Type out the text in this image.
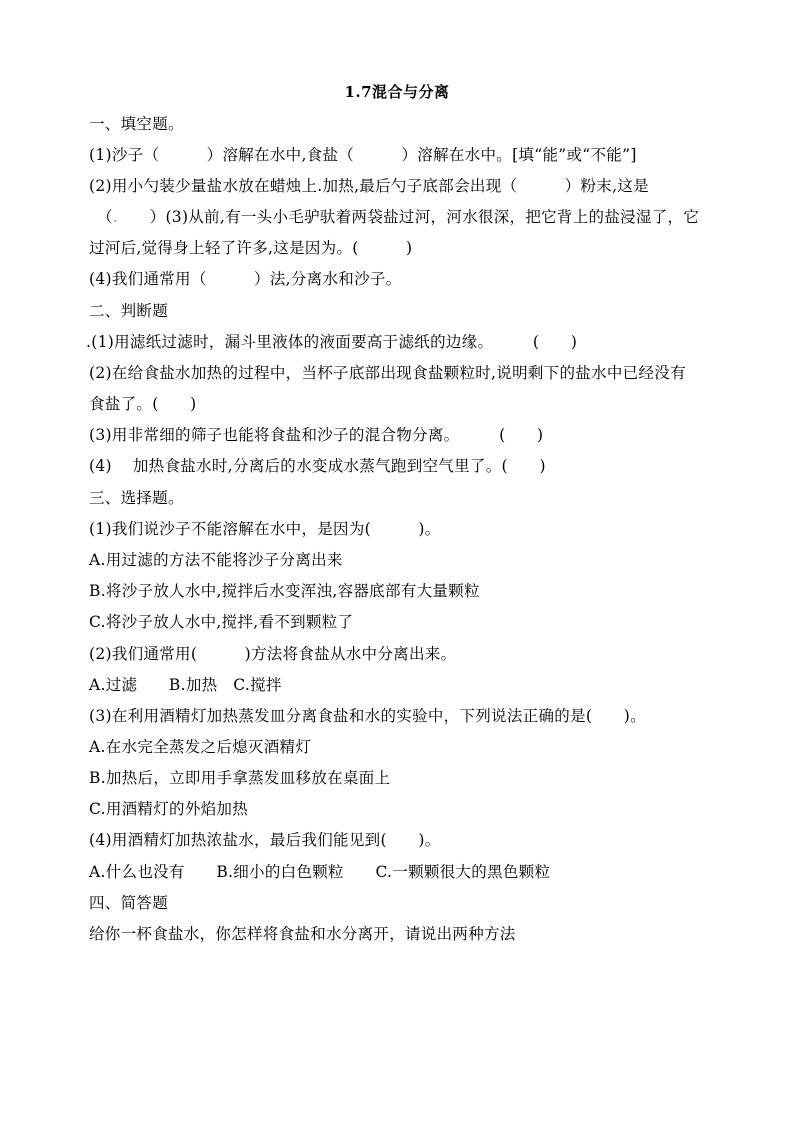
1.7混合与分离
一、填空题。
(1)沙子（　　　）溶解在水中,食盐（　　　）溶解在水中。[填“能”或“不能”]
(2)用小勺装少量盐水放在蜡烛上.加热,最后勺子底部会出现（　　　）粉末,这是
（.　　）(3)从前,有一头小毛驴驮着两袋盐过河，河水很深，把它背上的盐浸湿了，它
过河后,觉得身上轻了许多,这是因为。(　　　)
(4)我们通常用（　　　）法,分离水和沙子。
二、判断题
.(1)用滤纸过滤时，漏斗里液体的液面要高于滤纸的边缘。　　　(　　)
(2)在给食盐水加热的过程中，当杯子底部出现食盐颗粒时,说明剩下的盐水中已经没有
食盐了。(　　)
(3)用非常细的筛子也能将食盐和沙子的混合物分离。　　　(　　)
(4)　 加热食盐水时,分离后的水变成水蒸气跑到空气里了。(　　)
三、选择题。
(1)我们说沙子不能溶解在水中，是因为(　　　)。
A.用过滤的方法不能将沙子分离出来
B.将沙子放人水中,搅拌后水变浑浊,容器底部有大量颗粒
C.将沙子放人水中,搅拌,看不到颗粒了
(2)我们通常用(　　　)方法将食盐从水中分离出来。
A.过滤　　B.加热　C.搅拌
(3)在利用酒精灯加热蒸发皿分离食盐和水的实验中，下列说法正确的是(　　)。
A.在水完全蒸发之后熄灭酒精灯
B.加热后，立即用手拿蒸发皿移放在桌面上
C.用酒精灯的外焰加热
(4)用酒精灯加热浓盐水，最后我们能见到(　　)。
A.什么也没有　　B.细小的白色颗粒　　C.一颗颗很大的黑色颗粒
四、简答题
给你一杯食盐水，你怎样将食盐和水分离开，请说出两种方法
